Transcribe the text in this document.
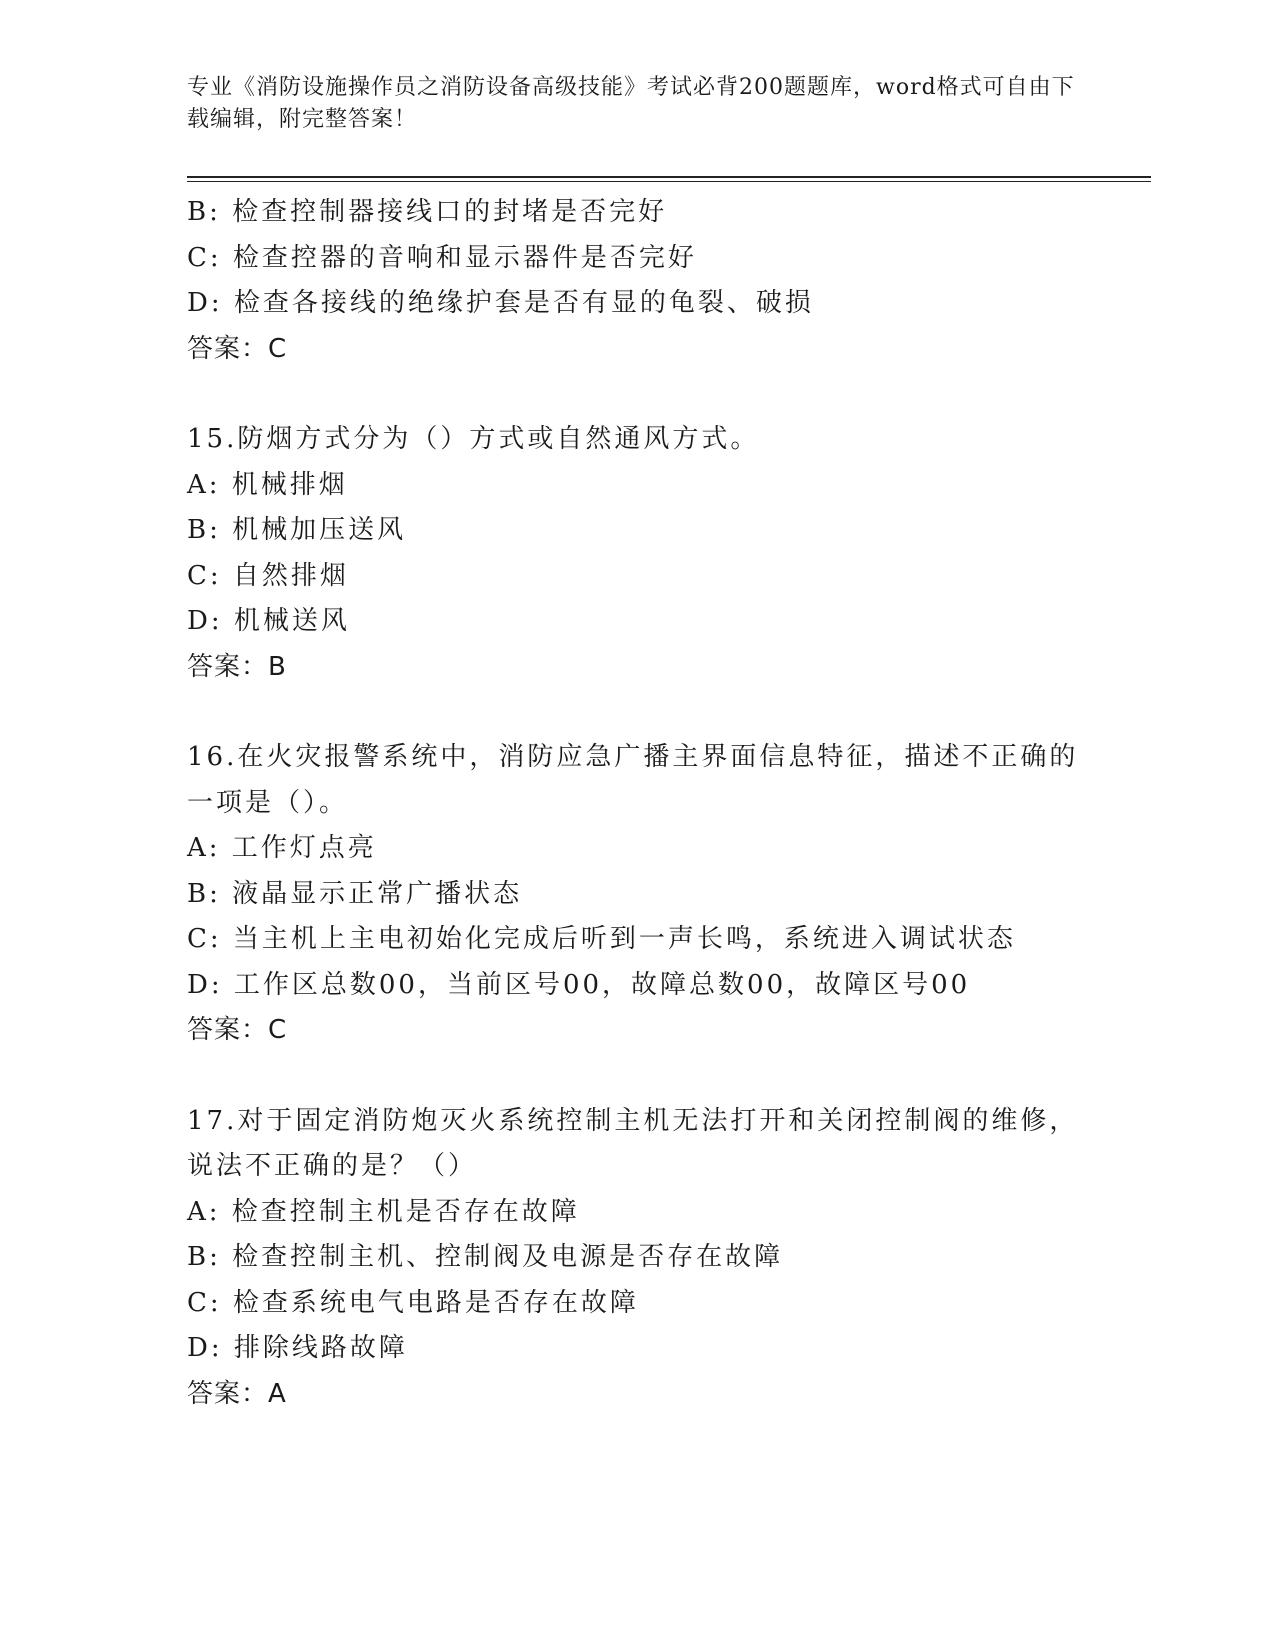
专业《消防设施操作员之消防设备高级技能》考试必背200题题库，word格式可自由下载编辑，附完整答案！
B: 检查控制器接线口的封堵是否完好
C: 检查控器的音响和显示器件是否完好
D: 检查各接线的绝缘护套是否有显的龟裂、破损
答案：C
15.防烟方式分为（）方式或自然通风方式。
A: 机械排烟
B: 机械加压送风
C: 自然排烟
D: 机械送风
答案：B
16.在火灾报警系统中，消防应急广播主界面信息特征，描述不正确的一项是（）。
A: 工作灯点亮
B: 液晶显示正常广播状态
C: 当主机上主电初始化完成后听到一声长鸣，系统进入调试状态
D: 工作区总数00，当前区号00，故障总数00，故障区号00
答案：C
17.对于固定消防炮灭火系统控制主机无法打开和关闭控制阀的维修，说法不正确的是？（）
A: 检查控制主机是否存在故障
B: 检查控制主机、控制阀及电源是否存在故障
C: 检查系统电气电路是否存在故障
D: 排除线路故障
答案：A
